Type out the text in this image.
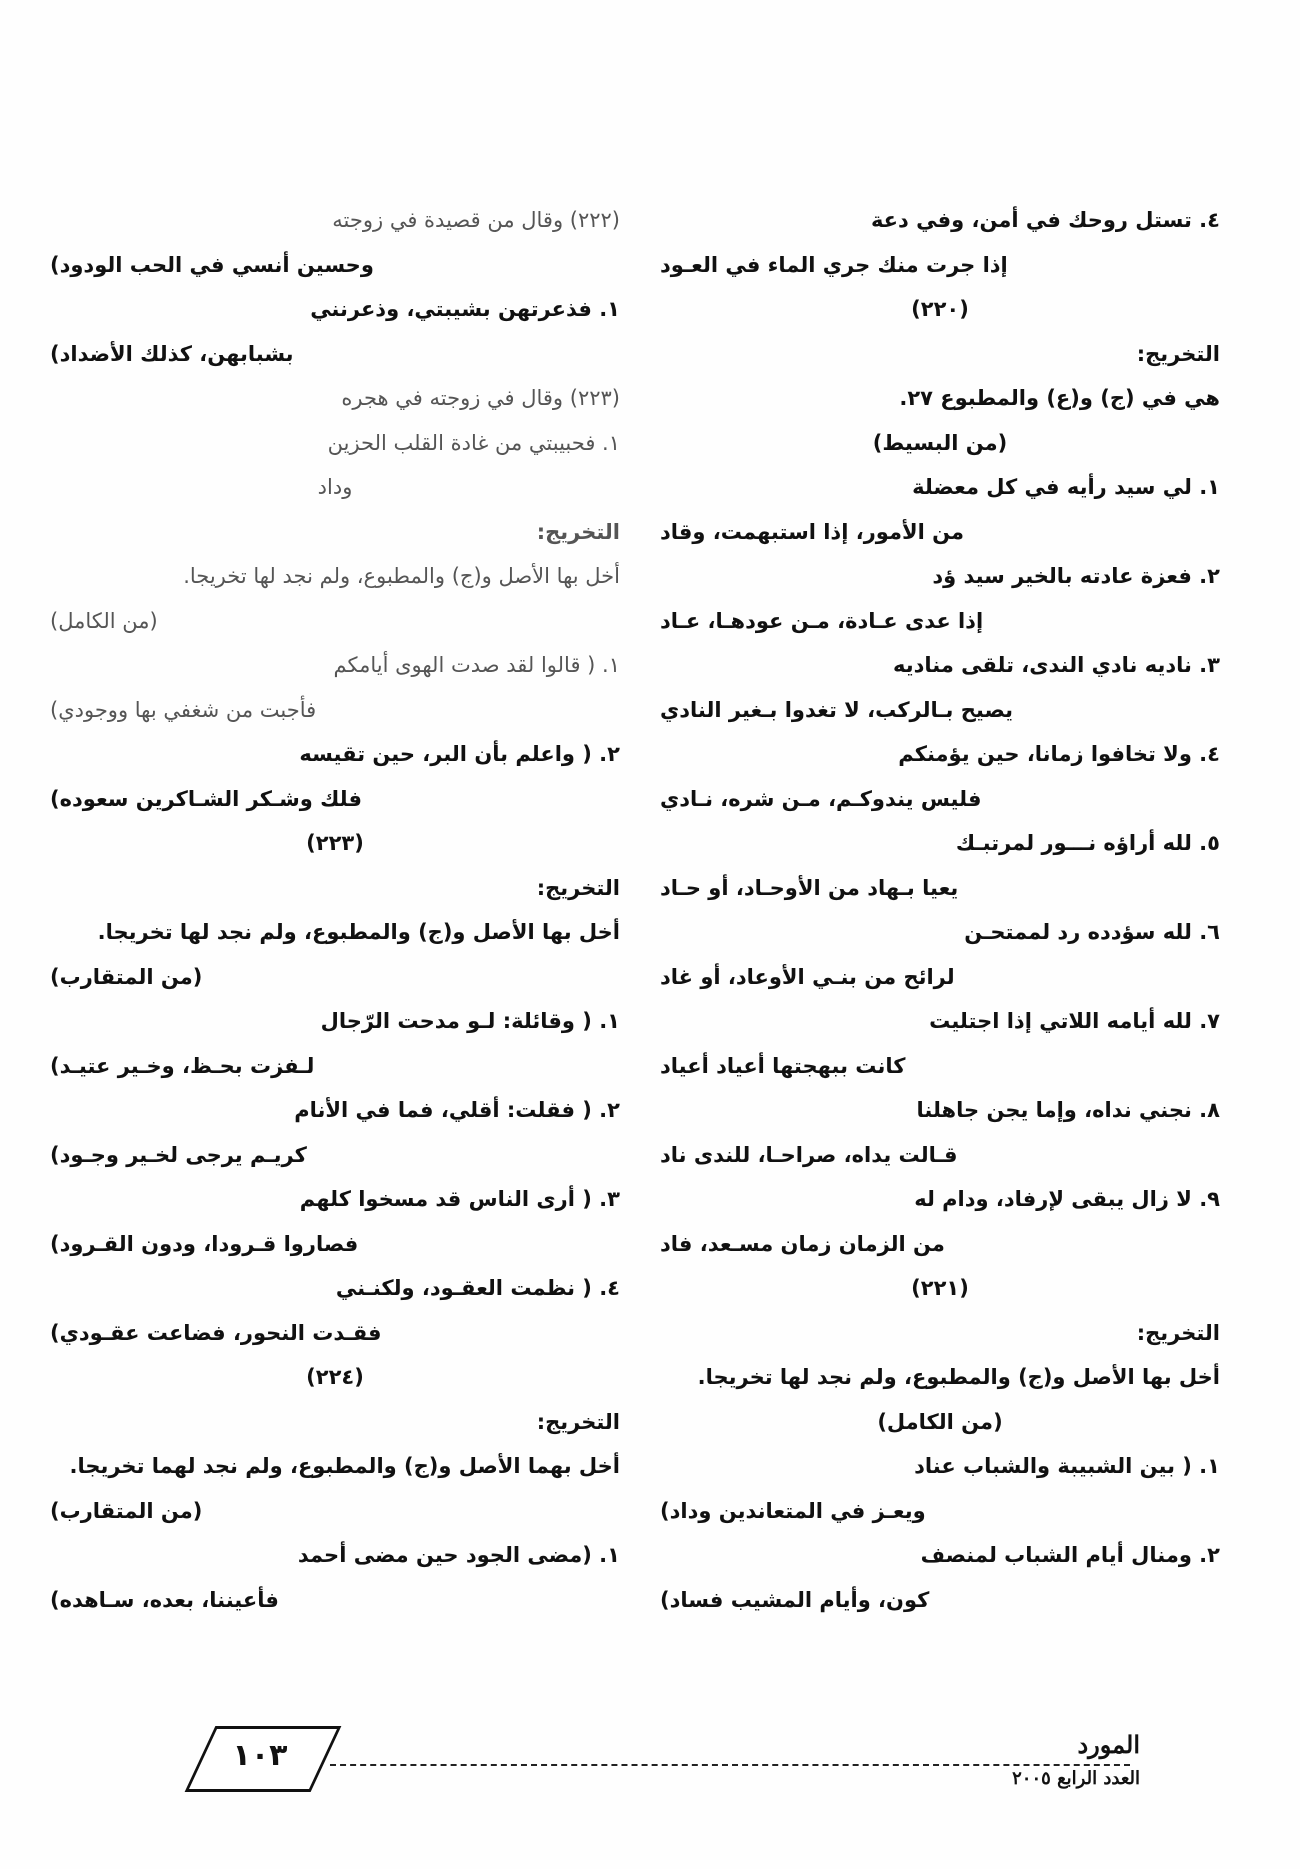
٤. تستل روحك في أمن، وفي دعة
إذا جرت منك جري الماء في العـود
(٢٢٠)
التخريج:
هي في (ج) و(ع) والمطبوع ٢٧.
(من البسيط)
١. لي سيد رأيه في كل معضلة
من الأمور، إذا استبهمت، وقاد
٢. فعزة عادته بالخير سيد ؤد
إذا عدى عـادة، مـن عودهـا، عـاد
٣. ناديه نادي الندى، تلقى مناديه
يصيح بـالركب، لا تغدوا بـغير النادي
٤. ولا تخافوا زمانا، حين يؤمنكم
فليس يندوكـم، مـن شره، نـادي
٥. لله أراؤه نـــور لمرتبـك
يعيا بـهاد من الأوحـاد، أو حـاد
٦. لله سؤدده رد لممتحـن
لرائح من بنـي الأوعاد، أو غاد
٧. لله أيامه اللاتي إذا اجتليت
كانت ببهجتها أعياد أعياد
٨. نجني نداه، وإما يجن جاهلنا
قـالت يداه، صراحـا، للندى ناد
٩. لا زال يبقى لإرفاد، ودام له
من الزمان زمان مسـعد، فاد
(٢٢١)
التخريج:
أخل بها الأصل و(ج) والمطبوع، ولم نجد لها تخريجا.
(من الكامل)
١. ( بين الشبيبة والشباب عناد
ويعـز في المتعاندين وداد)
٢. ومنال أيام الشباب لمنصف
كون، وأيام المشيب فساد)
(٢٢٢) وقال من قصيدة في زوجته
وحسين أنسي في الحب الودود)
١. فذعرتهن بشيبتي، وذعرنني
بشبابهن، كذلك الأضداد)
(٢٢٣) وقال في زوجته في هجره
١. فحبيبتي من غادة القلب الحزين
وداد
التخريج:
أخل بها الأصل و(ج) والمطبوع، ولم نجد لها تخريجا.
(من الكامل)
١. ( قالوا لقد صدت الهوى أيامكم
فأجبت من شغفي بها ووجودي)
٢. ( واعلم بأن البر، حين تقيسه
فلك وشـكر الشـاكرين سعوده)
(٢٢٣)
التخريج:
أخل بها الأصل و(ج) والمطبوع، ولم نجد لها تخريجا.
(من المتقارب)
١. ( وقائلة: لـو مدحت الرّجال
لـفزت بحـظ، وخـير عتيـد)
٢. ( فقلت: أقلي، فما في الأنام
كريـم يرجى لخـير وجـود)
٣. ( أرى الناس قد مسخوا كلهم
فصاروا قـرودا، ودون القـرود)
٤. ( نظمت العقـود، ولكنـني
فقـدت النحور، فضاعت عقـودي)
(٢٢٤)
التخريج:
أخل بهما الأصل و(ج) والمطبوع، ولم نجد لهما تخريجا.
(من المتقارب)
١. (مضى الجود حين مضى أحمد
فأعيننا، بعده، سـاهده)
١٠٣	المورد
العدد الرابع ٢٠٠٥
